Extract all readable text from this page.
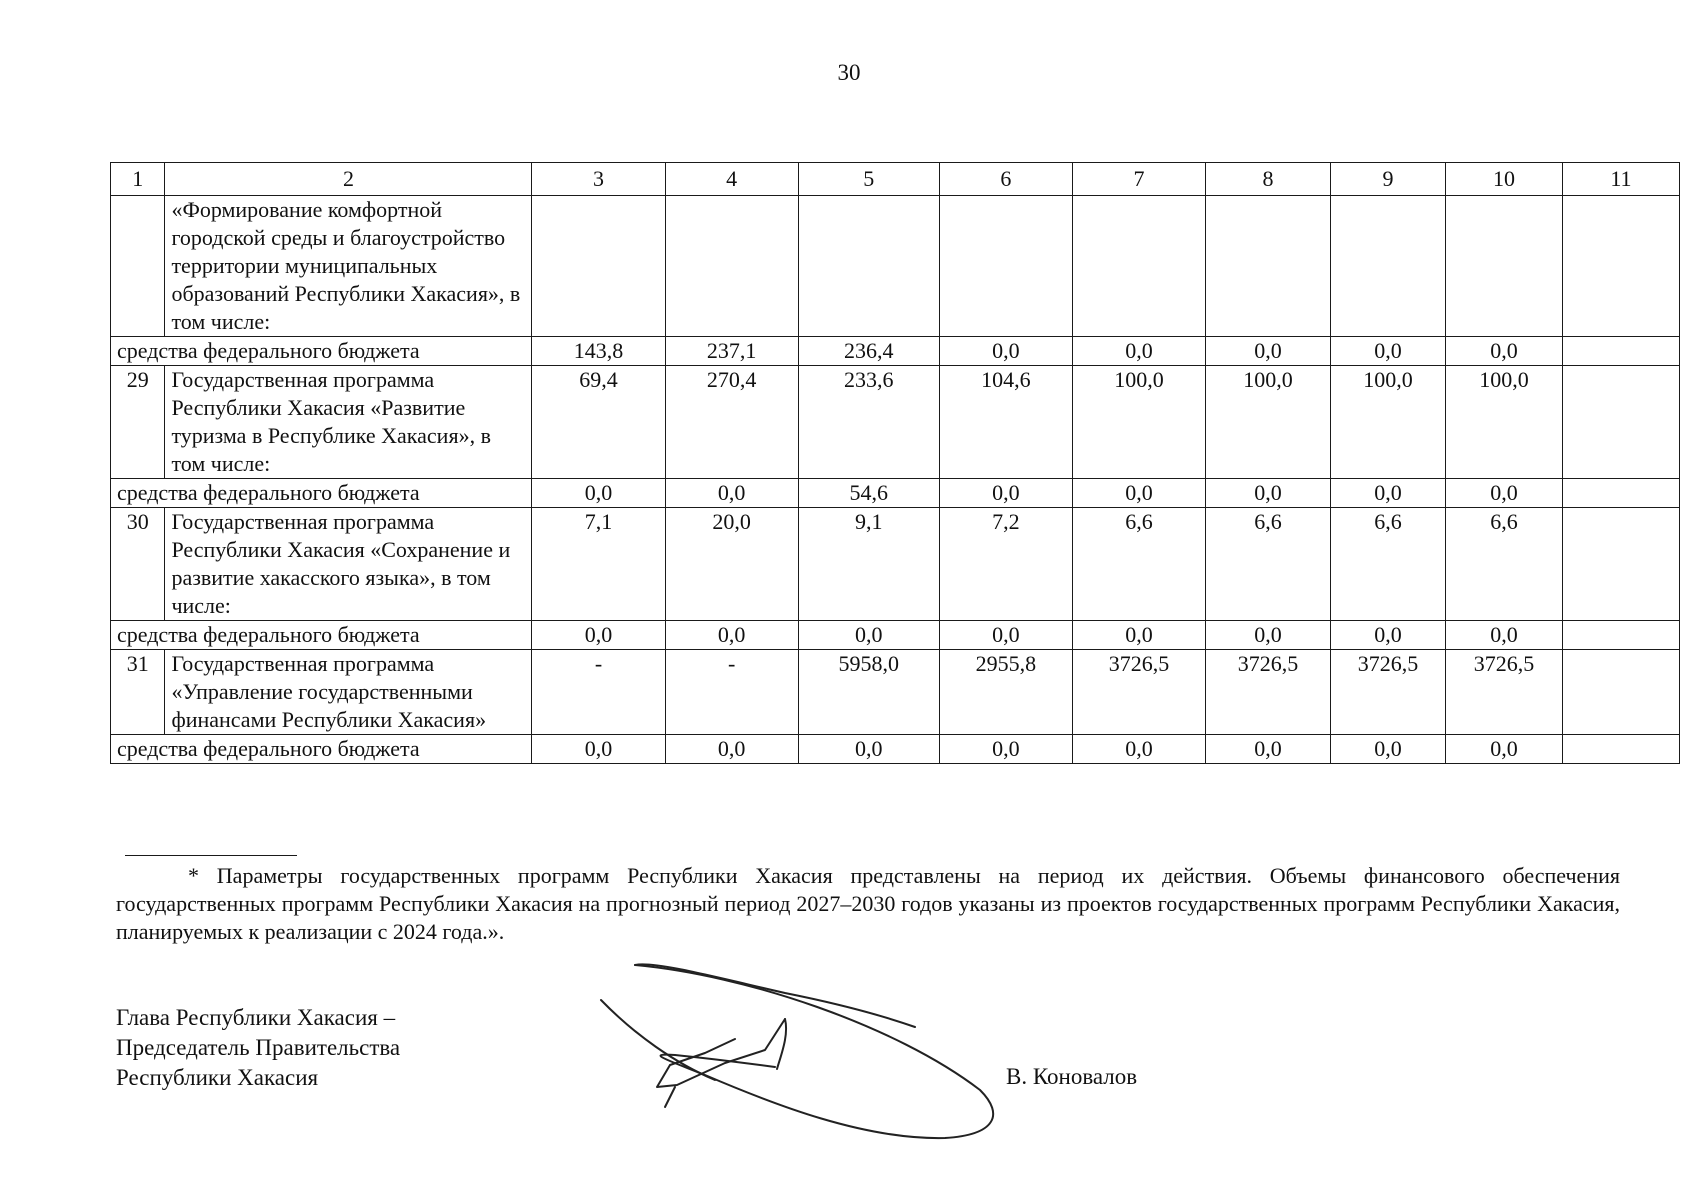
30
1	2	3	4	5	6	7	8	9	10	11
	«Формирование комфортной городской среды и благоустройство территории муниципальных образований Республики Хакасия», в том числе:									
средства федерального бюджета		143,8	237,1	236,4	0,0	0,0	0,0	0,0	0,0	
29	Государственная программа Республики Хакасия «Развитие туризма в Республике Хакасия», в том числе:	69,4	270,4	233,6	104,6	100,0	100,0	100,0	100,0	
средства федерального бюджета		0,0	0,0	54,6	0,0	0,0	0,0	0,0	0,0	
30	Государственная программа Республики Хакасия «Сохранение и развитие хакасского языка», в том числе:	7,1	20,0	9,1	7,2	6,6	6,6	6,6	6,6	
средства федерального бюджета		0,0	0,0	0,0	0,0	0,0	0,0	0,0	0,0	
31	Государственная программа «Управление государственными финансами Республики Хакасия»	-	-	5958,0	2955,8	3726,5	3726,5	3726,5	3726,5	
средства федерального бюджета		0,0	0,0	0,0	0,0	0,0	0,0	0,0	0,0	
* Параметры государственных программ Республики Хакасия представлены на период их действия. Объемы финансового обеспечения государственных программ Республики Хакасия на прогнозный период 2027–2030 годов указаны из проектов государственных программ Республики Хакасия, планируемых к реализации с 2024 года.».
Глава Республики Хакасия –
Председатель Правительства
Республики Хакасия	В. Коновалов
